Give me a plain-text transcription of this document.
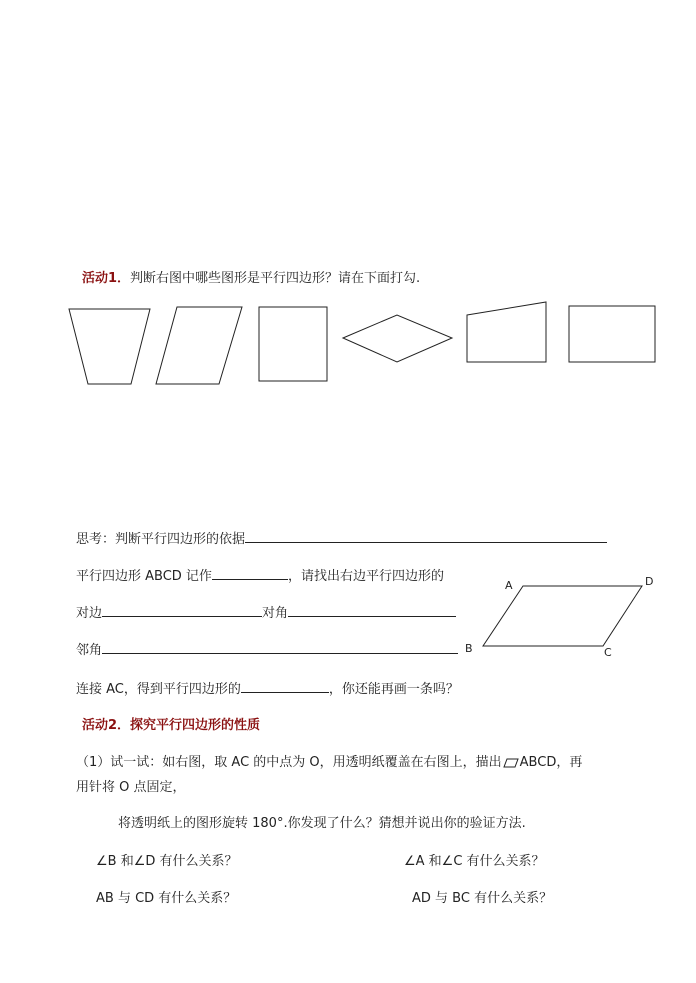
活动1．判断右图中哪些图形是平行四边形？请在下面打勾.
思考：判断平行四边形的依据
平行四边形 ABCD 记作	，请找出右边平行四边形的
对边	对角
邻角
A	D
B	C
连接 AC，得到平行四边形的	，你还能再画一条吗？
活动2．探究平行四边形的性质
（1）试一试：如右图，取 AC 的中点为 O，用透明纸覆盖在右图上，描出 ABCD，再
用针将 O 点固定，
将透明纸上的图形旋转 180°.你发现了什么？猜想并说出你的验证方法.
∠B 和∠D 有什么关系？	∠A 和∠C 有什么关系？
AB 与 CD 有什么关系？	AD 与 BC 有什么关系？
